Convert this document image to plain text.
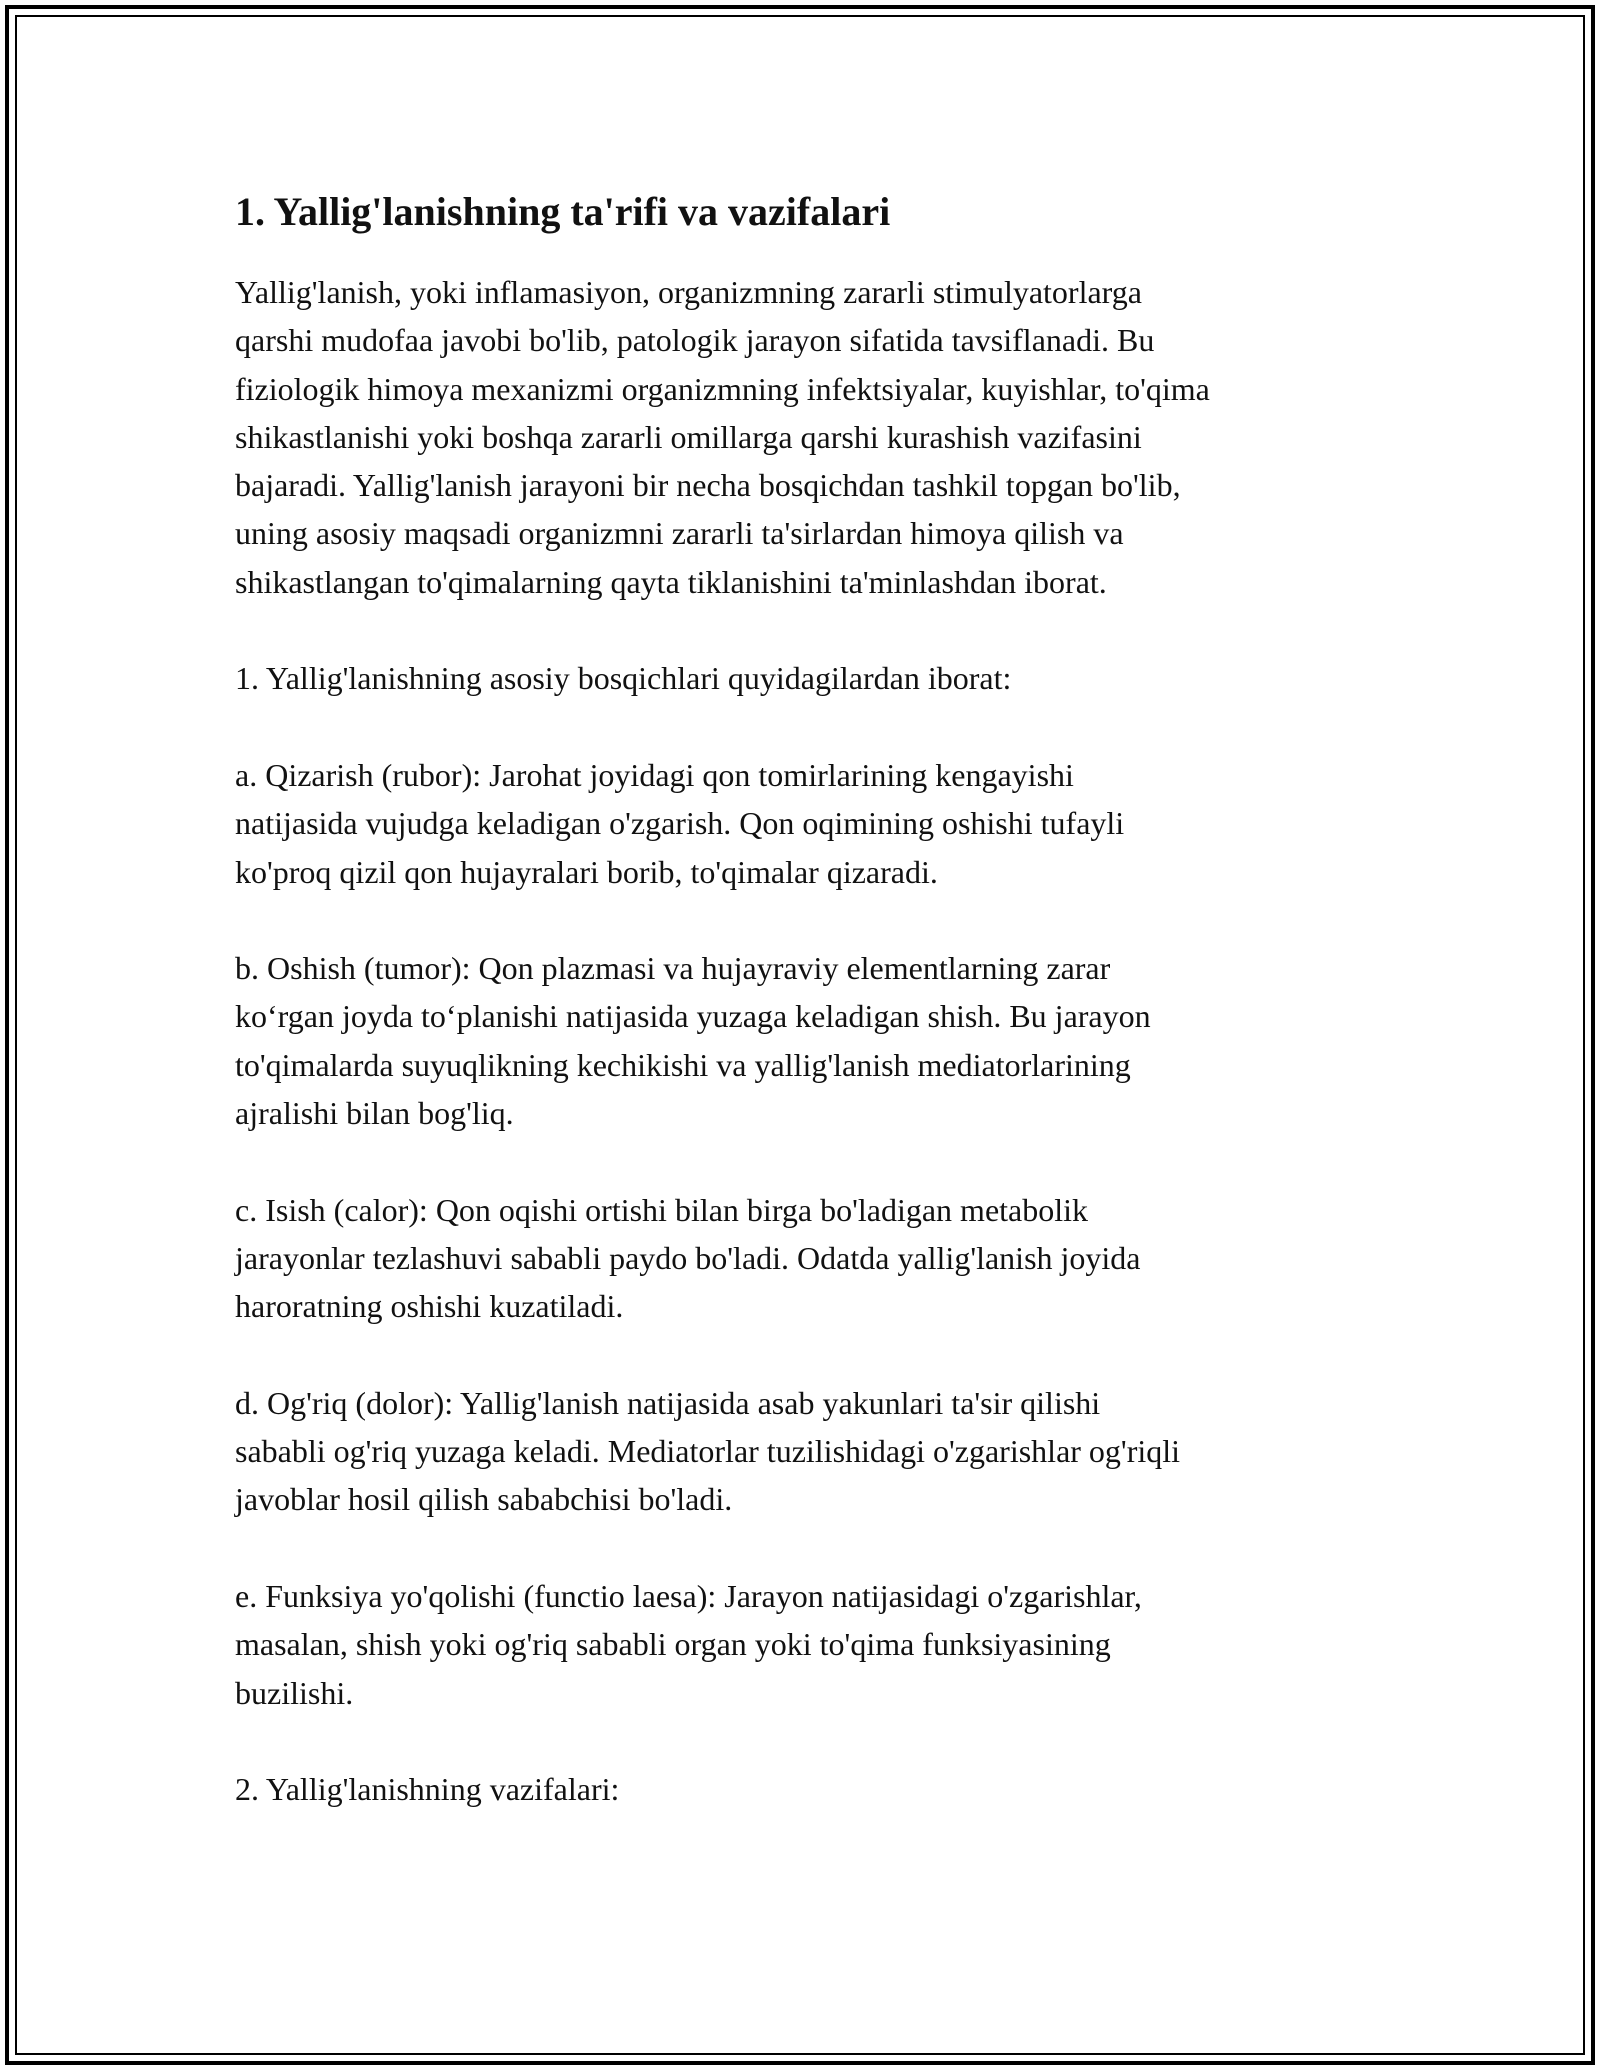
1. Yallig'lanishning ta'rifi va vazifalari

Yallig'lanish, yoki inflamasiyon, organizmning zararli stimulyatorlarga
qarshi mudofaa javobi bo'lib, patologik jarayon sifatida tavsiflanadi. Bu
fiziologik himoya mexanizmi organizmning infektsiyalar, kuyishlar, to'qima
shikastlanishi yoki boshqa zararli omillarga qarshi kurashish vazifasini
bajaradi. Yallig'lanish jarayoni bir necha bosqichdan tashkil topgan bo'lib,
uning asosiy maqsadi organizmni zararli ta'sirlardan himoya qilish va
shikastlangan to'qimalarning qayta tiklanishini ta'minlashdan iborat.

1. Yallig'lanishning asosiy bosqichlari quyidagilardan iborat:

a. Qizarish (rubor): Jarohat joyidagi qon tomirlarining kengayishi
natijasida vujudga keladigan o'zgarish. Qon oqimining oshishi tufayli
ko'proq qizil qon hujayralari borib, to'qimalar qizaradi.

b. Oshish (tumor): Qon plazmasi va hujayraviy elementlarning zarar
ko‘rgan joyda to‘planishi natijasida yuzaga keladigan shish. Bu jarayon
to'qimalarda suyuqlikning kechikishi va yallig'lanish mediatorlarining
ajralishi bilan bog'liq.

c. Isish (calor): Qon oqishi ortishi bilan birga bo'ladigan metabolik
jarayonlar tezlashuvi sababli paydo bo'ladi. Odatda yallig'lanish joyida
haroratning oshishi kuzatiladi.

d. Og'riq (dolor): Yallig'lanish natijasida asab yakunlari ta'sir qilishi
sababli og'riq yuzaga keladi. Mediatorlar tuzilishidagi o'zgarishlar og'riqli
javoblar hosil qilish sababchisi bo'ladi.

e. Funksiya yo'qolishi (functio laesa): Jarayon natijasidagi o'zgarishlar,
masalan, shish yoki og'riq sababli organ yoki to'qima funksiyasining
buzilishi.

2. Yallig'lanishning vazifalari:
